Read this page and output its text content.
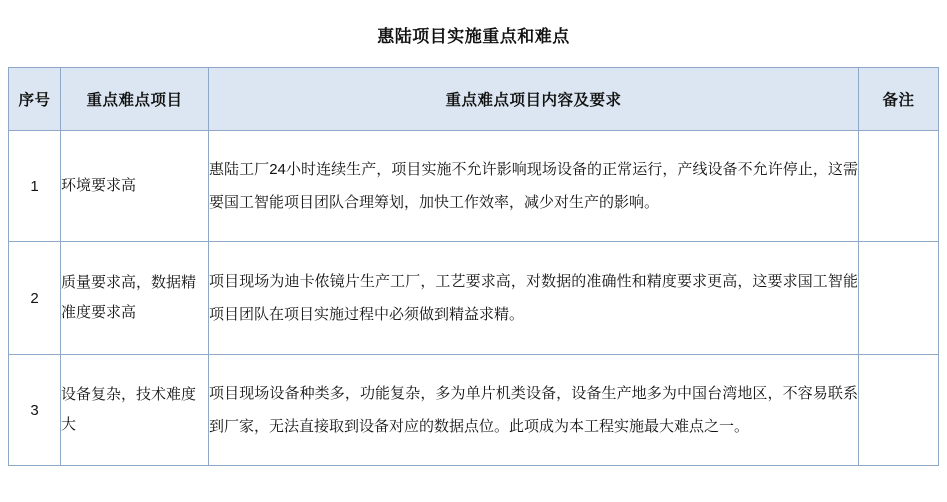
惠陆项目实施重点和难点
序号	重点难点项目	重点难点项目内容及要求	备注
1	环境要求高	惠陆工厂24小时连续生产，项目实施不允许影响现场设备的正常运行，产线设备不允许停止，这需要国工智能项目团队合理筹划，加快工作效率，减少对生产的影响。	
2	质量要求高，数据精准度要求高	项目现场为迪卡侬镜片生产工厂，工艺要求高，对数据的准确性和精度要求更高，这要求国工智能项目团队在项目实施过程中必须做到精益求精。	
3	设备复杂，技术难度大	项目现场设备种类多，功能复杂，多为单片机类设备，设备生产地多为中国台湾地区，不容易联系到厂家，无法直接取到设备对应的数据点位。此项成为本工程实施最大难点之一。	
